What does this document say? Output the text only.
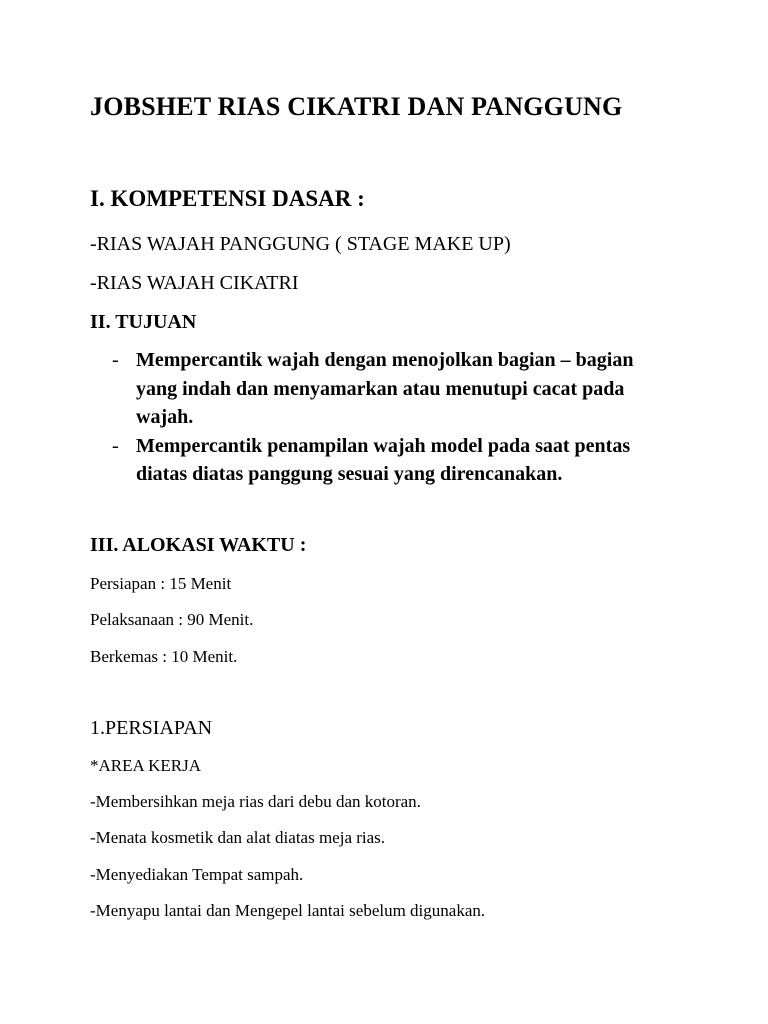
JOBSHET RIAS CIKATRI DAN PANGGUNG
I. KOMPETENSI DASAR :
-RIAS WAJAH PANGGUNG ( STAGE MAKE UP)
-RIAS WAJAH CIKATRI
II. TUJUAN
- Mempercantik wajah dengan menojolkan bagian – bagian yang indah dan menyamarkan atau menutupi cacat pada wajah.
- Mempercantik penampilan wajah model pada saat pentas diatas diatas panggung sesuai yang direncanakan.
III. ALOKASI WAKTU :
Persiapan : 15 Menit
Pelaksanaan : 90 Menit.
Berkemas : 10 Menit.
1.PERSIAPAN
*AREA KERJA
-Membersihkan meja rias dari debu dan kotoran.
-Menata kosmetik dan alat diatas meja rias.
-Menyediakan Tempat sampah.
-Menyapu lantai dan Mengepel lantai sebelum digunakan.
